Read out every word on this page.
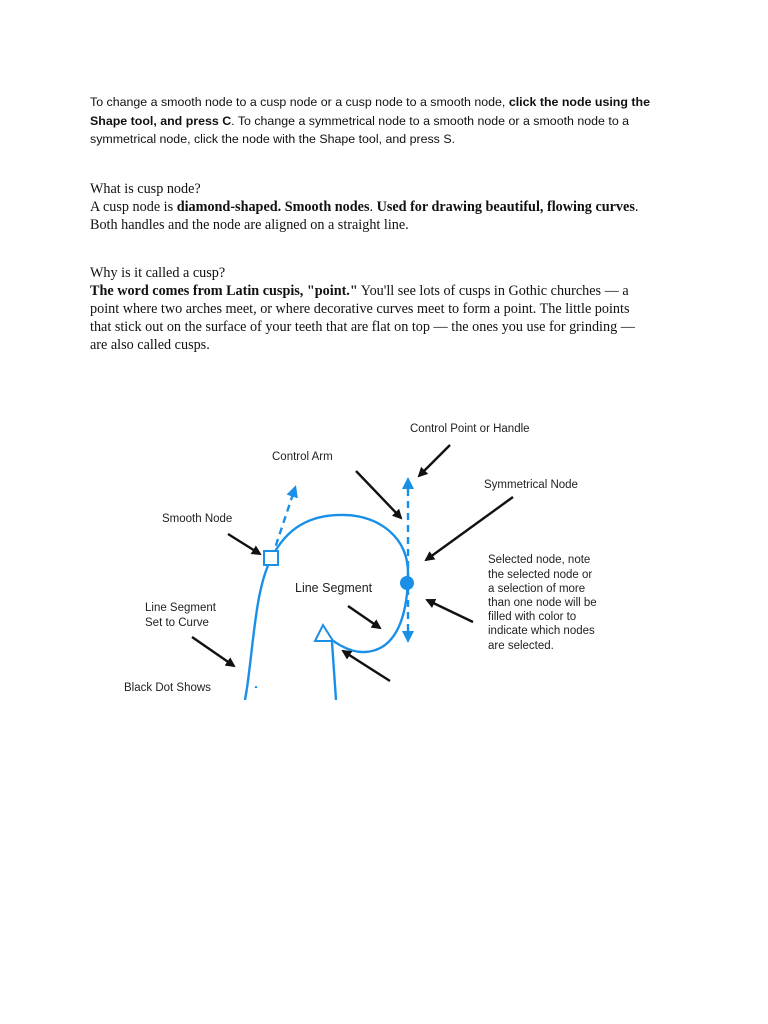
To change a smooth node to a cusp node or a cusp node to a smooth node, click the node using the
Shape tool, and press C. To change a symmetrical node to a smooth node or a smooth node to a
symmetrical node, click the node with the Shape tool, and press S.
What is cusp node?
A cusp node is diamond-shaped. Smooth nodes. Used for drawing beautiful, flowing curves.
Both handles and the node are aligned on a straight line.
Why is it called a cusp?
The word comes from Latin cuspis, "point." You'll see lots of cusps in Gothic churches — a
point where two arches meet, or where decorative curves meet to form a point. The little points
that stick out on the surface of your teeth that are flat on top — the ones you use for grinding —
are also called cusps.
Control Point or Handle
Control Arm
Symmetrical Node
Smooth Node
Selected node, note
the selected node or
a selection of more
than one node will be
filled with color to
indicate which nodes
are selected.
Line Segment
Line Segment
Set to Curve
Black Dot Shows
